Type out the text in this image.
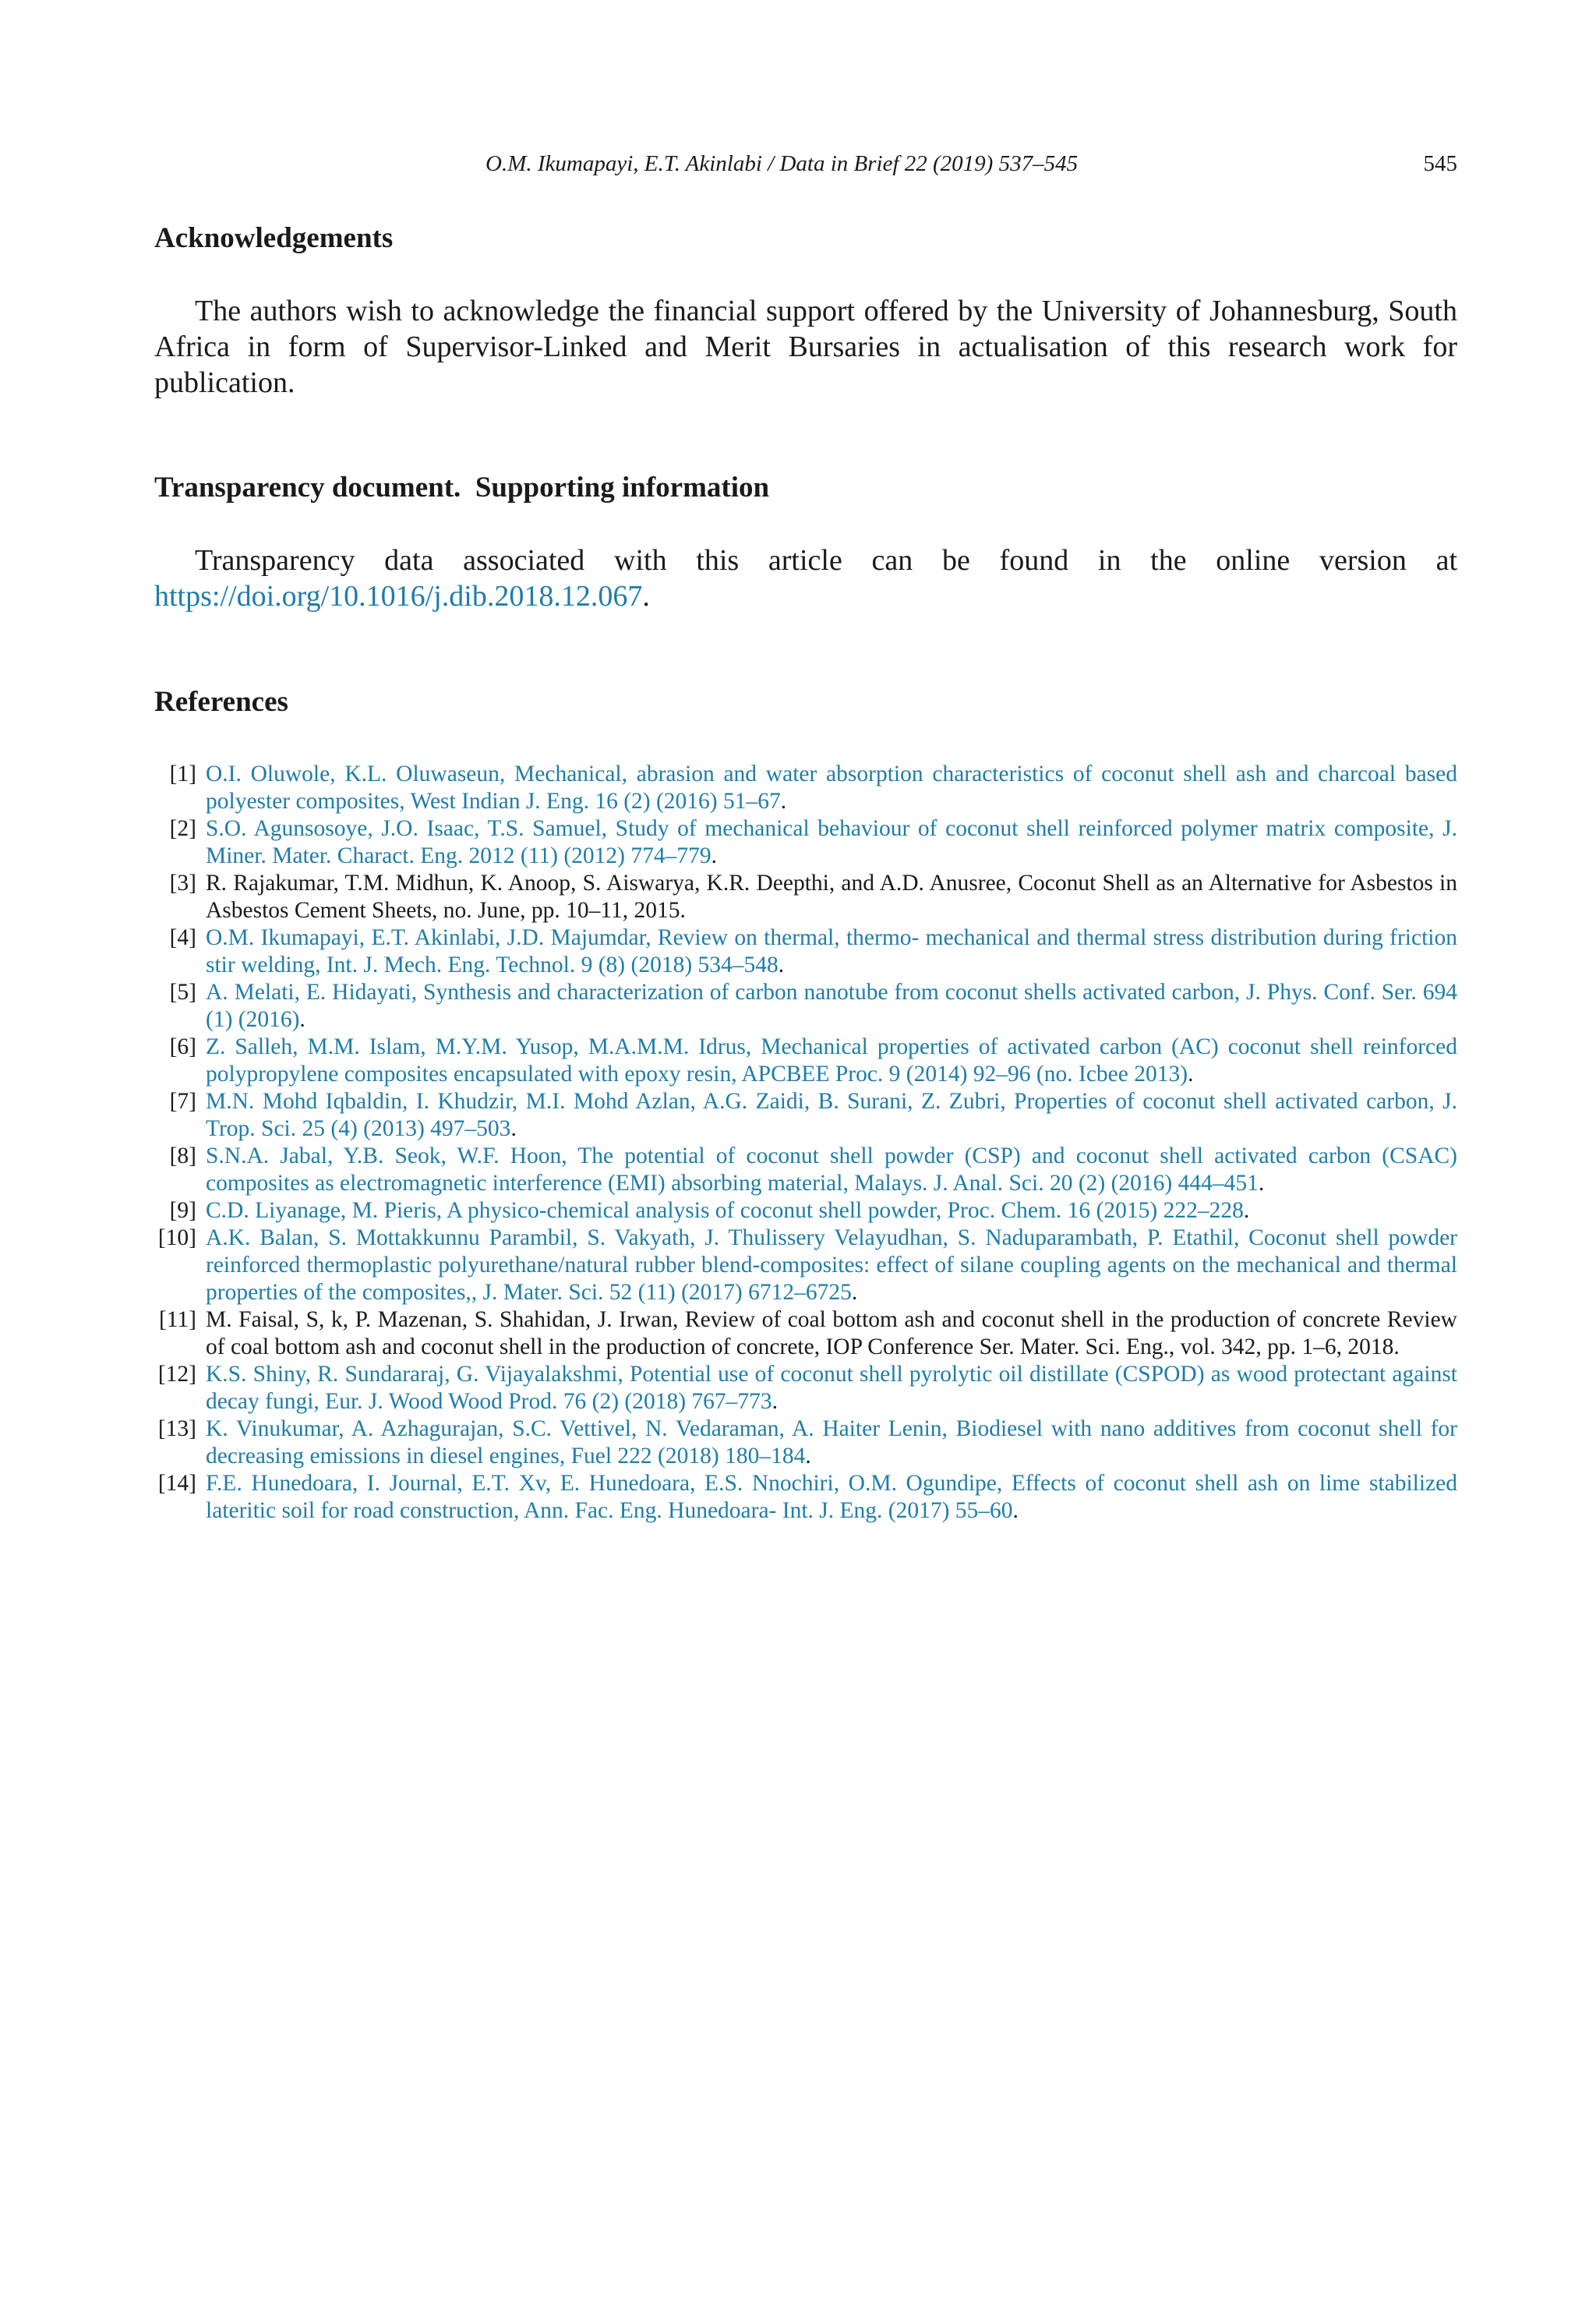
O.M. Ikumapayi, E.T. Akinlabi / Data in Brief 22 (2019) 537–545	545
Acknowledgements

The authors wish to acknowledge the financial support offered by the University of Johannesburg, South Africa in form of Supervisor-Linked and Merit Bursaries in actualisation of this research work for publication.

Transparency document. Supporting information

Transparency data associated with this article can be found in the online version at https://doi.org/10.1016/j.dib.2018.12.067.

References
[1] O.I. Oluwole, K.L. Oluwaseun, Mechanical, abrasion and water absorption characteristics of coconut shell ash and charcoal based polyester composites, West Indian J. Eng. 16 (2) (2016) 51–67.
[2] S.O. Agunsosoye, J.O. Isaac, T.S. Samuel, Study of mechanical behaviour of coconut shell reinforced polymer matrix composite, J. Miner. Mater. Charact. Eng. 2012 (11) (2012) 774–779.
[3] R. Rajakumar, T.M. Midhun, K. Anoop, S. Aiswarya, K.R. Deepthi, and A.D. Anusree, Coconut Shell as an Alternative for Asbestos in Asbestos Cement Sheets, no. June, pp. 10–11, 2015.
[4] O.M. Ikumapayi, E.T. Akinlabi, J.D. Majumdar, Review on thermal, thermo- mechanical and thermal stress distribution during friction stir welding, Int. J. Mech. Eng. Technol. 9 (8) (2018) 534–548.
[5] A. Melati, E. Hidayati, Synthesis and characterization of carbon nanotube from coconut shells activated carbon, J. Phys. Conf. Ser. 694 (1) (2016).
[6] Z. Salleh, M.M. Islam, M.Y.M. Yusop, M.A.M.M. Idrus, Mechanical properties of activated carbon (AC) coconut shell reinforced polypropylene composites encapsulated with epoxy resin, APCBEE Proc. 9 (2014) 92–96 (no. Icbee 2013).
[7] M.N. Mohd Iqbaldin, I. Khudzir, M.I. Mohd Azlan, A.G. Zaidi, B. Surani, Z. Zubri, Properties of coconut shell activated carbon, J. Trop. Sci. 25 (4) (2013) 497–503.
[8] S.N.A. Jabal, Y.B. Seok, W.F. Hoon, The potential of coconut shell powder (CSP) and coconut shell activated carbon (CSAC) composites as electromagnetic interference (EMI) absorbing material, Malays. J. Anal. Sci. 20 (2) (2016) 444–451.
[9] C.D. Liyanage, M. Pieris, A physico-chemical analysis of coconut shell powder, Proc. Chem. 16 (2015) 222–228.
[10] A.K. Balan, S. Mottakkunnu Parambil, S. Vakyath, J. Thulissery Velayudhan, S. Naduparambath, P. Etathil, Coconut shell powder reinforced thermoplastic polyurethane/natural rubber blend-composites: effect of silane coupling agents on the mechanical and thermal properties of the composites,, J. Mater. Sci. 52 (11) (2017) 6712–6725.
[11] M. Faisal, S, k, P. Mazenan, S. Shahidan, J. Irwan, Review of coal bottom ash and coconut shell in the production of concrete Review of coal bottom ash and coconut shell in the production of concrete, IOP Conference Ser. Mater. Sci. Eng., vol. 342, pp. 1–6, 2018.
[12] K.S. Shiny, R. Sundararaj, G. Vijayalakshmi, Potential use of coconut shell pyrolytic oil distillate (CSPOD) as wood protectant against decay fungi, Eur. J. Wood Wood Prod. 76 (2) (2018) 767–773.
[13] K. Vinukumar, A. Azhagurajan, S.C. Vettivel, N. Vedaraman, A. Haiter Lenin, Biodiesel with nano additives from coconut shell for decreasing emissions in diesel engines, Fuel 222 (2018) 180–184.
[14] F.E. Hunedoara, I. Journal, E.T. Xv, E. Hunedoara, E.S. Nnochiri, O.M. Ogundipe, Effects of coconut shell ash on lime stabilized lateritic soil for road construction, Ann. Fac. Eng. Hunedoara- Int. J. Eng. (2017) 55–60.
